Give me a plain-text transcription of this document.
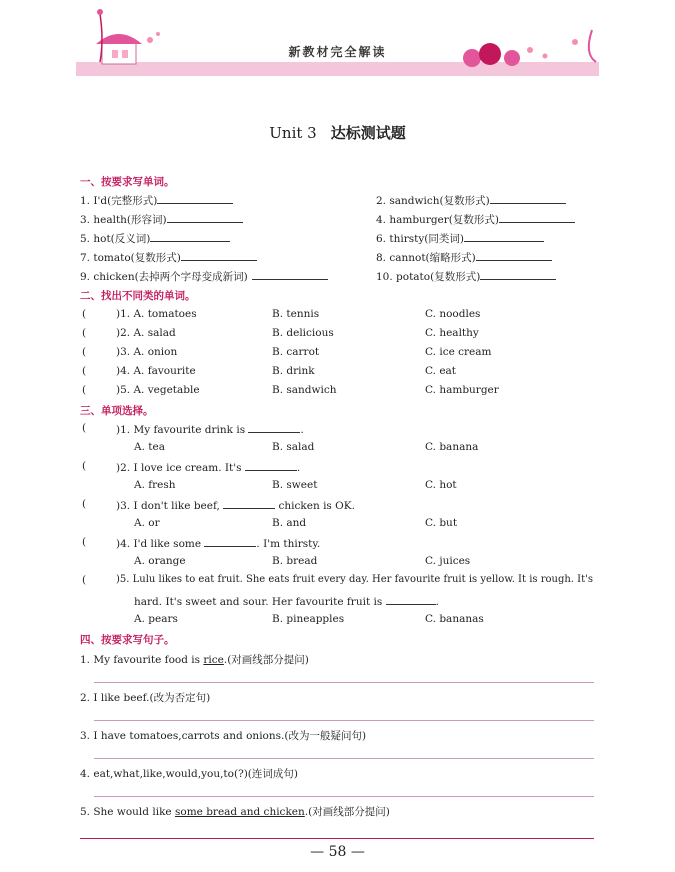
新教材完全解读
Unit 3 达标测试题
一、按要求写单词。
1. I'd(完整形式)	2. sandwich(复数形式)
3. health(形容词)	4. hamburger(复数形式)
5. hot(反义词)	6. thirsty(同类词)
7. tomato(复数形式)	8. cannot(缩略形式)
9. chicken(去掉两个字母变成新词)	10. potato(复数形式)
二、找出不同类的单词。
(	)1. A. tomatoes	B. tennis	C. noodles
(	)2. A. salad	B. delicious	C. healthy
(	)3. A. onion	B. carrot	C. ice cream
(	)4. A. favourite	B. drink	C. eat
(	)5. A. vegetable	B. sandwich	C. hamburger
三、单项选择。
(	)1. My favourite drink is	.
A. tea	B. salad	C. banana
(	)2. I love ice cream. It's	.
A. fresh	B. sweet	C. hot
(	)3. I don't like beef,	chicken is OK.
A. or	B. and	C. but
(	)4. I'd like some	. I'm thirsty.
A. orange	B. bread	C. juices
(	)5. Lulu likes to eat fruit. She eats fruit every day. Her favourite fruit is yellow. It is rough. It's
hard. It's sweet and sour. Her favourite fruit is	.
A. pears	B. pineapples	C. bananas
四、按要求写句子。
1. My favourite food is rice.(对画线部分提问)
2. I like beef.(改为否定句)
3. I have tomatoes,carrots and onions.(改为一般疑问句)
4. eat,what,like,would,you,to(?)(连词成句)
5. She would like some bread and chicken.(对画线部分提问)
— 58 —
